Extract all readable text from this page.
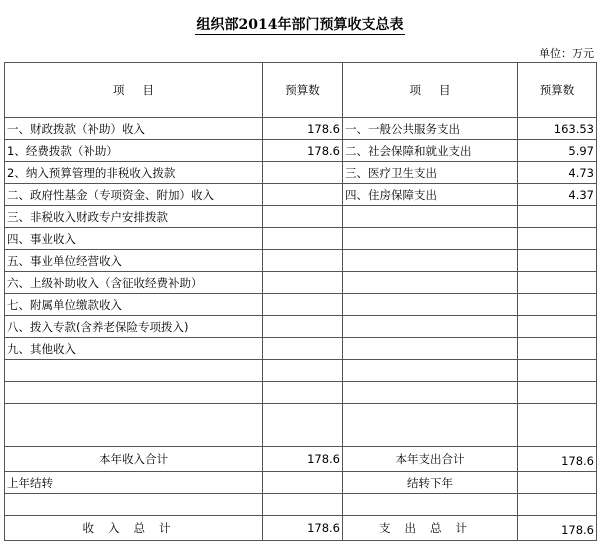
组织部2014年部门预算收支总表
单位：万元
项目	预算数	项目	预算数
一、财政拨款（补助）收入	178.6	一、一般公共服务支出	163.53
1、经费拨款（补助）	178.6	二、社会保障和就业支出	5.97
2、纳入预算管理的非税收入拨款		三、医疗卫生支出	4.73
二、政府性基金（专项资金、附加）收入		四、住房保障支出	4.37
三、非税收入财政专户安排拨款			
四、事业收入			
五、事业单位经营收入			
六、上级补助收入（含征收经费补助）			
七、附属单位缴款收入			
八、拨入专款(含养老保险专项拨入)			
九、其他收入			

本年收入合计	178.6	本年支出合计	178.6
上年结转		结转下年	

收入总计	178.6	支出总计	178.6
